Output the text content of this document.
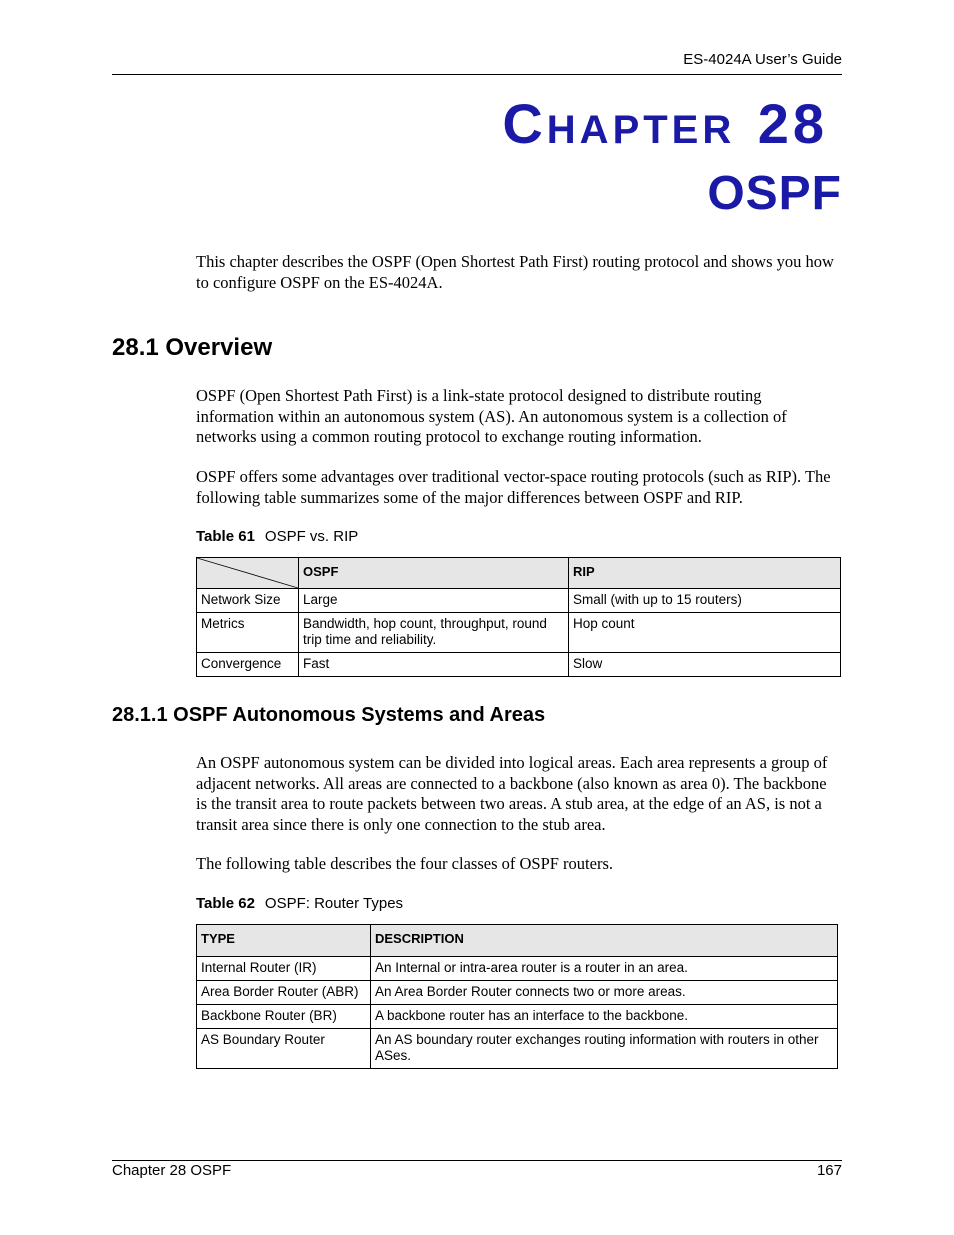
ES-4024A User’s Guide
CHAPTER 28
OSPF
This chapter describes the OSPF (Open Shortest Path First) routing protocol and shows you how to configure OSPF on the ES-4024A.
28.1 Overview
OSPF (Open Shortest Path First) is a link-state protocol designed to distribute routing information within an autonomous system (AS). An autonomous system is a collection of networks using a common routing protocol to exchange routing information.
OSPF offers some advantages over traditional vector-space routing protocols (such as RIP). The following table summarizes some of the major differences between OSPF and RIP.
Table 61 OSPF vs. RIP
	OSPF	RIP
Network Size	Large	Small (with up to 15 routers)
Metrics	Bandwidth, hop count, throughput, round trip time and reliability.	Hop count
Convergence	Fast	Slow
28.1.1 OSPF Autonomous Systems and Areas
An OSPF autonomous system can be divided into logical areas. Each area represents a group of adjacent networks. All areas are connected to a backbone (also known as area 0). The backbone is the transit area to route packets between two areas. A stub area, at the edge of an AS, is not a transit area since there is only one connection to the stub area.
The following table describes the four classes of OSPF routers.
Table 62 OSPF: Router Types
TYPE	DESCRIPTION
Internal Router (IR)	An Internal or intra-area router is a router in an area.
Area Border Router (ABR)	An Area Border Router connects two or more areas.
Backbone Router (BR)	A backbone router has an interface to the backbone.
AS Boundary Router	An AS boundary router exchanges routing information with routers in other ASes.
Chapter 28 OSPF	167
